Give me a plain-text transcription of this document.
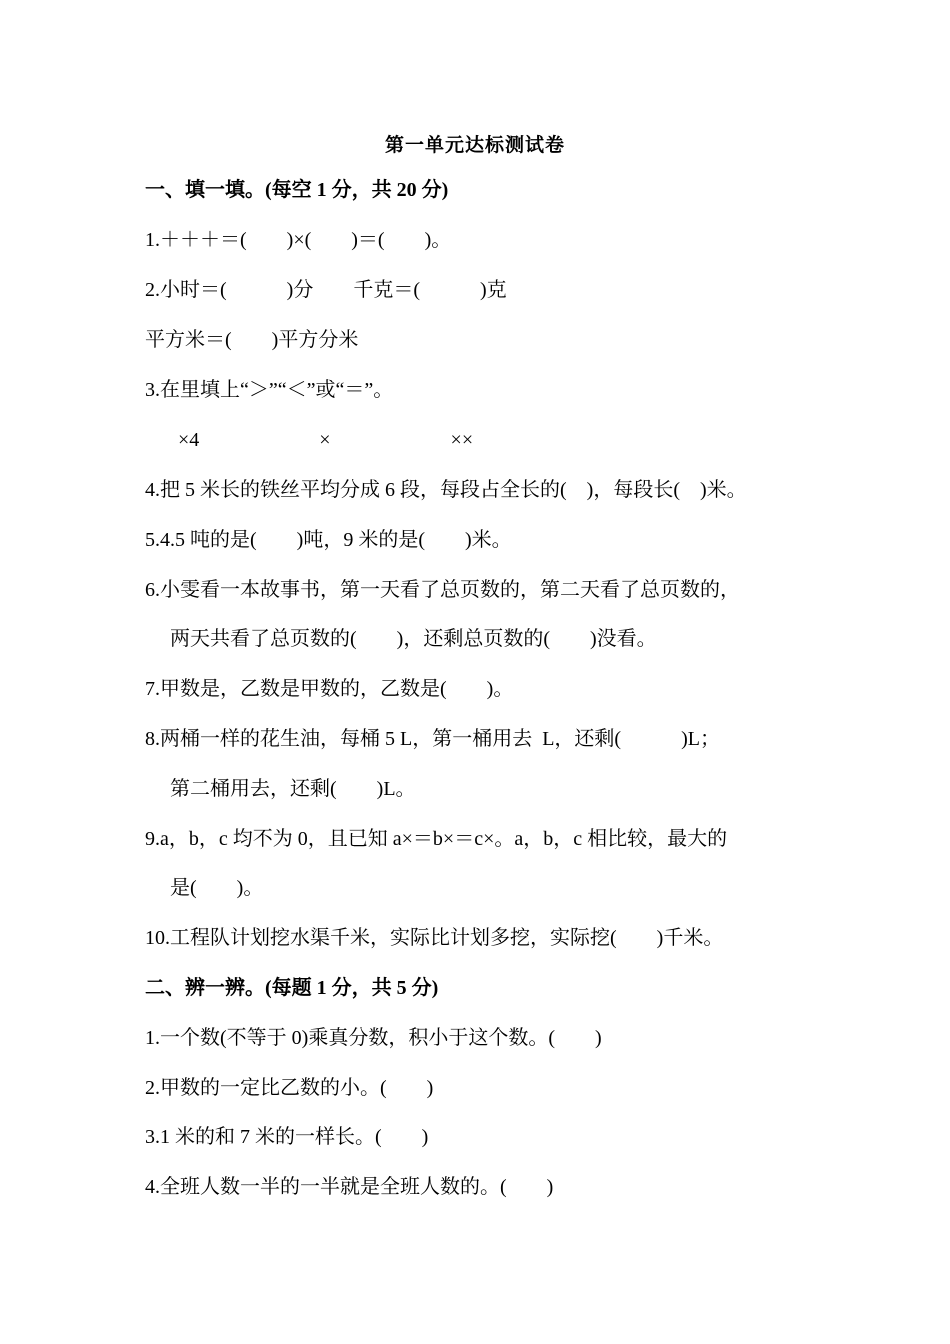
第一单元达标测试卷
一、填一填。(每空 1 分，共 20 分)
1.＋＋＋＝(　　)×(　　)＝(　　)。
2.小时＝(　　　)分　　千克＝(　　　)克
平方米＝(　　)平方分米
3.在里填上“＞”“＜”或“＝”。
×4　　　　　　×　　　　　　××
4.把 5 米长的铁丝平均分成 6 段，每段占全长的(　)，每段长(　)米。
5.4.5 吨的是(　　)吨，9 米的是(　　)米。
6.小雯看一本故事书，第一天看了总页数的，第二天看了总页数的，
两天共看了总页数的(　　)，还剩总页数的(　　)没看。
7.甲数是，乙数是甲数的，乙数是(　　)。
8.两桶一样的花生油，每桶 5 L，第一桶用去  L，还剩(　　　)L；
第二桶用去，还剩(　　)L。
9.a，b，c 均不为 0，且已知 a×＝b×＝c×。a，b，c 相比较，最大的
是(　　)。
10.工程队计划挖水渠千米，实际比计划多挖，实际挖(　　)千米。
二、辨一辨。(每题 1 分，共 5 分)
1.一个数(不等于 0)乘真分数，积小于这个数。(　　)
2.甲数的一定比乙数的小。(　　)
3.1 米的和 7 米的一样长。(　　)
4.全班人数一半的一半就是全班人数的。(　　)
